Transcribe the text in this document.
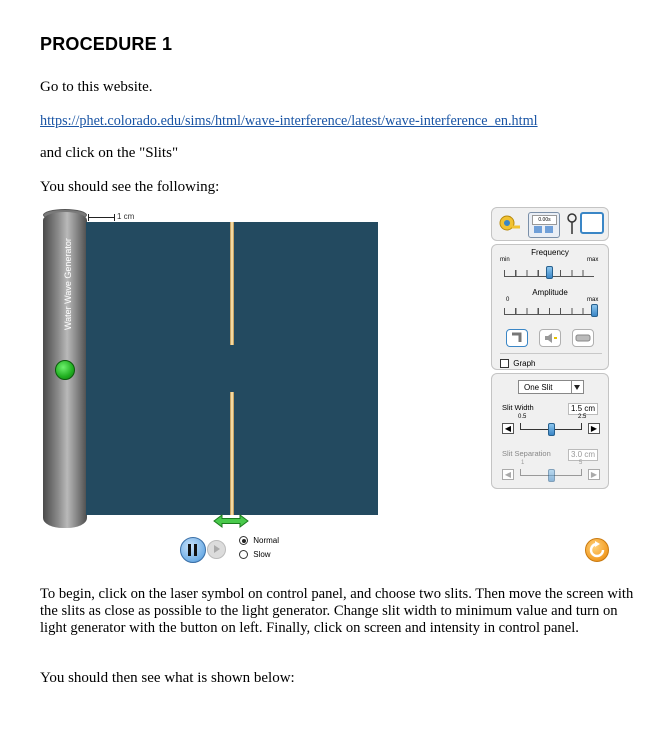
PROCEDURE 1
Go to this website.
https://phet.colorado.edu/sims/html/wave-interference/latest/wave-interference_en.html
and click on the "Slits"
You should see the following:
Water Wave Generator
1 cm
Normal
Slow
0.00s
Frequency
min	max
Amplitude
0	max
Graph
One Slit
Slit Width	1.5 cm
0.5	2.5
◀	▶
Slit Separation	3.0 cm
1	5
◀	▶
To begin, click on the laser symbol on control panel, and choose two slits. Then move the screen with the slits as close as possible to the light generator. Change slit width to minimum value and turn on light generator with the button on left. Finally, click on screen and intensity in control panel.
You should then see what is shown below:
